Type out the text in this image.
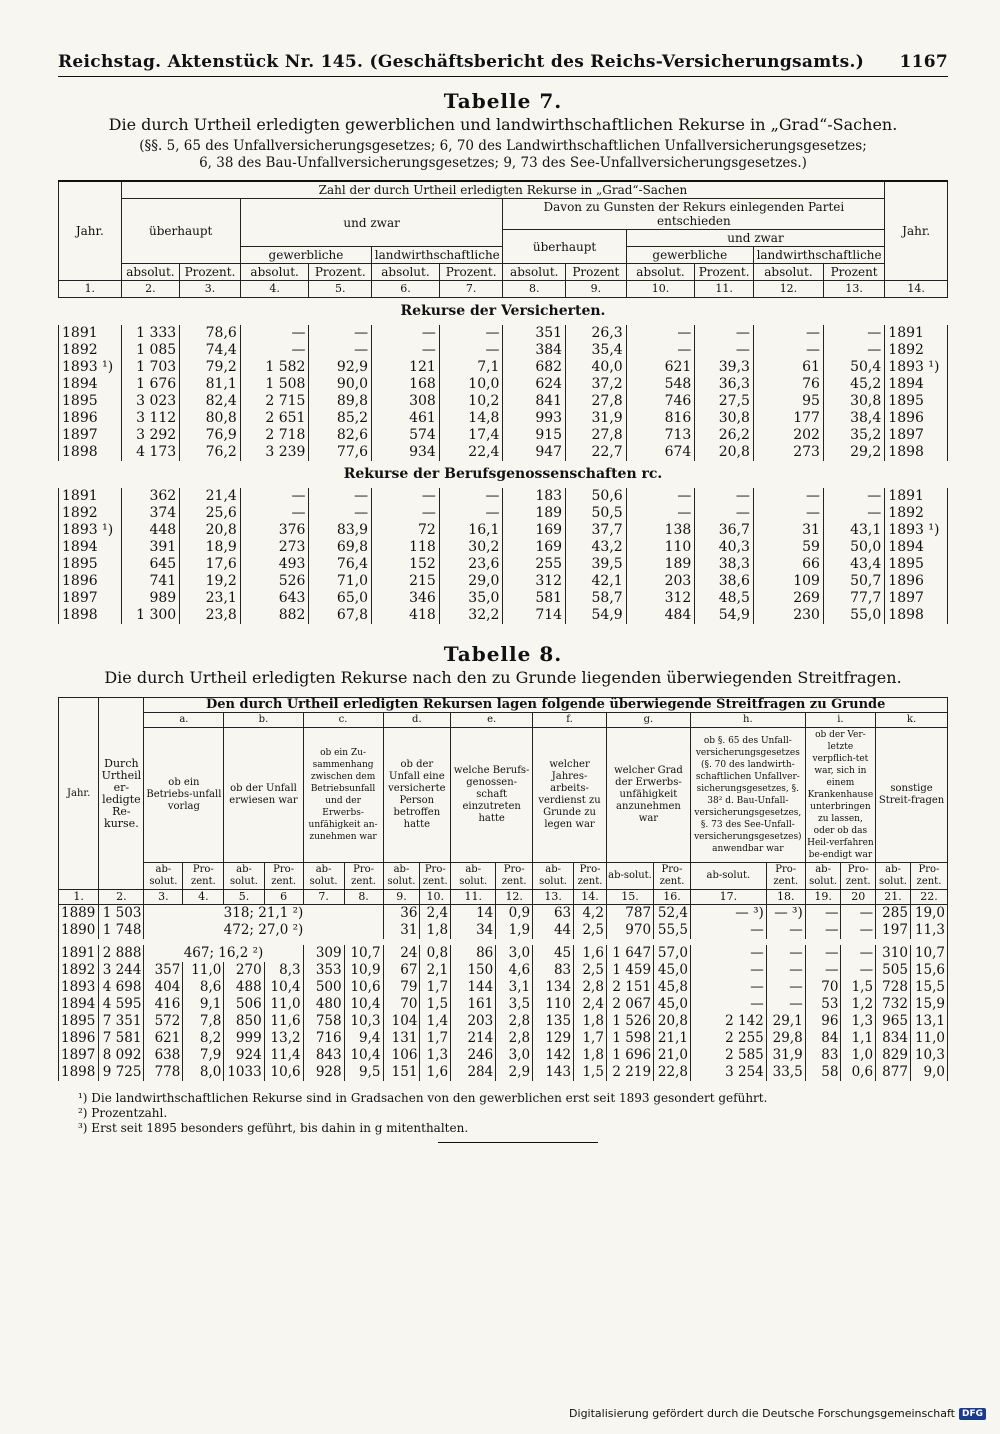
Reichstag. Aktenstück Nr. 145. (Geschäftsbericht des Reichs-Versicherungsamts.) 1167
Tabelle 7.

Die durch Urtheil erledigten gewerblichen und landwirthschaftlichen Rekurse in „Grad“-Sachen.

(§§. 5, 65 des Unfallversicherungsgesetzes; 6, 70 des Landwirthschaftlichen Unfallversicherungsgesetzes;
6, 38 des Bau-Unfallversicherungsgesetzes; 9, 73 des See-Unfallversicherungsgesetzes.)

Jahr.	Zahl der durch Urtheil erledigten Rekurse in „Grad“-Sachen												Jahr.
	überhaupt		und zwar				Davon zu Gunsten der Rekurs einlegenden Partei entschieden						
							überhaupt		und zwar				
			gewerbliche		landwirthschaftliche				gewerbliche		landwirthschaftliche		
	absolut.	Prozent.	absolut.	Prozent.	absolut.	Prozent.	absolut.	Prozent	absolut.	Prozent.	absolut.	Prozent	
1.	2.	3.	4.	5.	6.	7.	8.	9.	10.	11.	12.	13.	14.
Rekurse der Versicherten.													
1891	1 333	78,6	—	—	—	—	351	26,3	—	—	—	—	1891
1892	1 085	74,4	—	—	—	—	384	35,4	—	—	—	—	1892
1893 ¹)	1 703	79,2	1 582	92,9	121	7,1	682	40,0	621	39,3	61	50,4	1893 ¹)
1894	1 676	81,1	1 508	90,0	168	10,0	624	37,2	548	36,3	76	45,2	1894
1895	3 023	82,4	2 715	89,8	308	10,2	841	27,8	746	27,5	95	30,8	1895
1896	3 112	80,8	2 651	85,2	461	14,8	993	31,9	816	30,8	177	38,4	1896
1897	3 292	76,9	2 718	82,6	574	17,4	915	27,8	713	26,2	202	35,2	1897
1898	4 173	76,2	3 239	77,6	934	22,4	947	22,7	674	20,8	273	29,2	1898
Rekurse der Berufsgenossenschaften rc.													
1891	362	21,4	—	—	—	—	183	50,6	—	—	—	—	1891
1892	374	25,6	—	—	—	—	189	50,5	—	—	—	—	1892
1893 ¹)	448	20,8	376	83,9	72	16,1	169	37,7	138	36,7	31	43,1	1893 ¹)
1894	391	18,9	273	69,8	118	30,2	169	43,2	110	40,3	59	50,0	1894
1895	645	17,6	493	76,4	152	23,6	255	39,5	189	38,3	66	43,4	1895
1896	741	19,2	526	71,0	215	29,0	312	42,1	203	38,6	109	50,7	1896
1897	989	23,1	643	65,0	346	35,0	581	58,7	312	48,5	269	77,7	1897
1898	1 300	23,8	882	67,8	418	32,2	714	54,9	484	54,9	230	55,0	1898
Tabelle 8.

Die durch Urtheil erledigten Rekurse nach den zu Grunde liegenden überwiegenden Streitfragen.

Jahr.	Durch Urtheil er-ledigte Re-kurse.	Den durch Urtheil erledigten Rekursen lagen folgende überwiegende Streitfragen zu Grunde																			
		a.		b.		c.		d.		e.		f.		g.		h.		i.		k.	
		ob ein Betriebs-unfall vorlag		ob der Unfall erwiesen war		ob ein Zu-sammenhang zwischen dem Betriebsunfall und der Erwerbs-unfähigkeit an-zunehmen war		ob der Unfall eine versicherte Person betroffen hatte		welche Berufs-genossen-schaft einzutreten hatte		welcher Jahres-arbeits-verdienst zu Grunde zu legen war		welcher Grad der Erwerbs-unfähigkeit anzunehmen war		ob §. 65 des Unfall-versicherungsgesetzes (§. 70 des landwirth-schaftlichen Unfallver-sicherungsgesetzes, §. 38² d. Bau-Unfall-versicherungsgesetzes, §. 73 des See-Unfall-versicherungsgesetzes) anwendbar war		ob der Ver-letzte verpflich-tet war, sich in einem Krankenhause unterbringen zu lassen, oder ob das Heil-verfahren be-endigt war		sonstige Streit-fragen	
		ab-solut.	Pro-zent.	ab-solut.	Pro-zent.	ab-solut.	Pro-zent.	ab-solut.	Pro-zent.	ab-solut.	Pro-zent.	ab-solut.	Pro-zent.	ab-solut.	Pro-zent.	ab-solut.	Pro-zent.	ab-solut.	Pro-zent.	ab-solut.	Pro-zent.
1.	2.	3.	4.	5.	6	7.	8.	9.	10.	11.	12.	13.	14.	15.	16.	17.	18.	19.	20	21.	22.
1889	1 503	318; 21,1 ²)						36	2,4	14	0,9	63	4,2	787	52,4	— ³)	— ³)	—	—	285	19,0
1890	1 748	472; 27,0 ²)						31	1,8	34	1,9	44	2,5	970	55,5	—	—	—	—	197	11,3

1891	2 888	467; 16,2 ²)				309	10,7	24	0,8	86	3,0	45	1,6	1 647	57,0	—	—	—	—	310	10,7
1892	3 244	357	11,0	270	8,3	353	10,9	67	2,1	150	4,6	83	2,5	1 459	45,0	—	—	—	—	505	15,6
1893	4 698	404	8,6	488	10,4	500	10,6	79	1,7	144	3,1	134	2,8	2 151	45,8	—	—	70	1,5	728	15,5
1894	4 595	416	9,1	506	11,0	480	10,4	70	1,5	161	3,5	110	2,4	2 067	45,0	—	—	53	1,2	732	15,9
1895	7 351	572	7,8	850	11,6	758	10,3	104	1,4	203	2,8	135	1,8	1 526	20,8	2 142	29,1	96	1,3	965	13,1
1896	7 581	621	8,2	999	13,2	716	9,4	131	1,7	214	2,8	129	1,7	1 598	21,1	2 255	29,8	84	1,1	834	11,0
1897	8 092	638	7,9	924	11,4	843	10,4	106	1,3	246	3,0	142	1,8	1 696	21,0	2 585	31,9	83	1,0	829	10,3
1898	9 725	778	8,0	1033	10,6	928	9,5	151	1,6	284	2,9	143	1,5	2 219	22,8	3 254	33,5	58	0,6	877	9,0
¹) Die landwirthschaftlichen Rekurse sind in Gradsachen von den gewerblichen erst seit 1893 gesondert geführt.
²) Prozentzahl.
³) Erst seit 1895 besonders geführt, bis dahin in g mitenthalten.
Digitalisierung gefördert durch die Deutsche Forschungsgemeinschaft DFG
